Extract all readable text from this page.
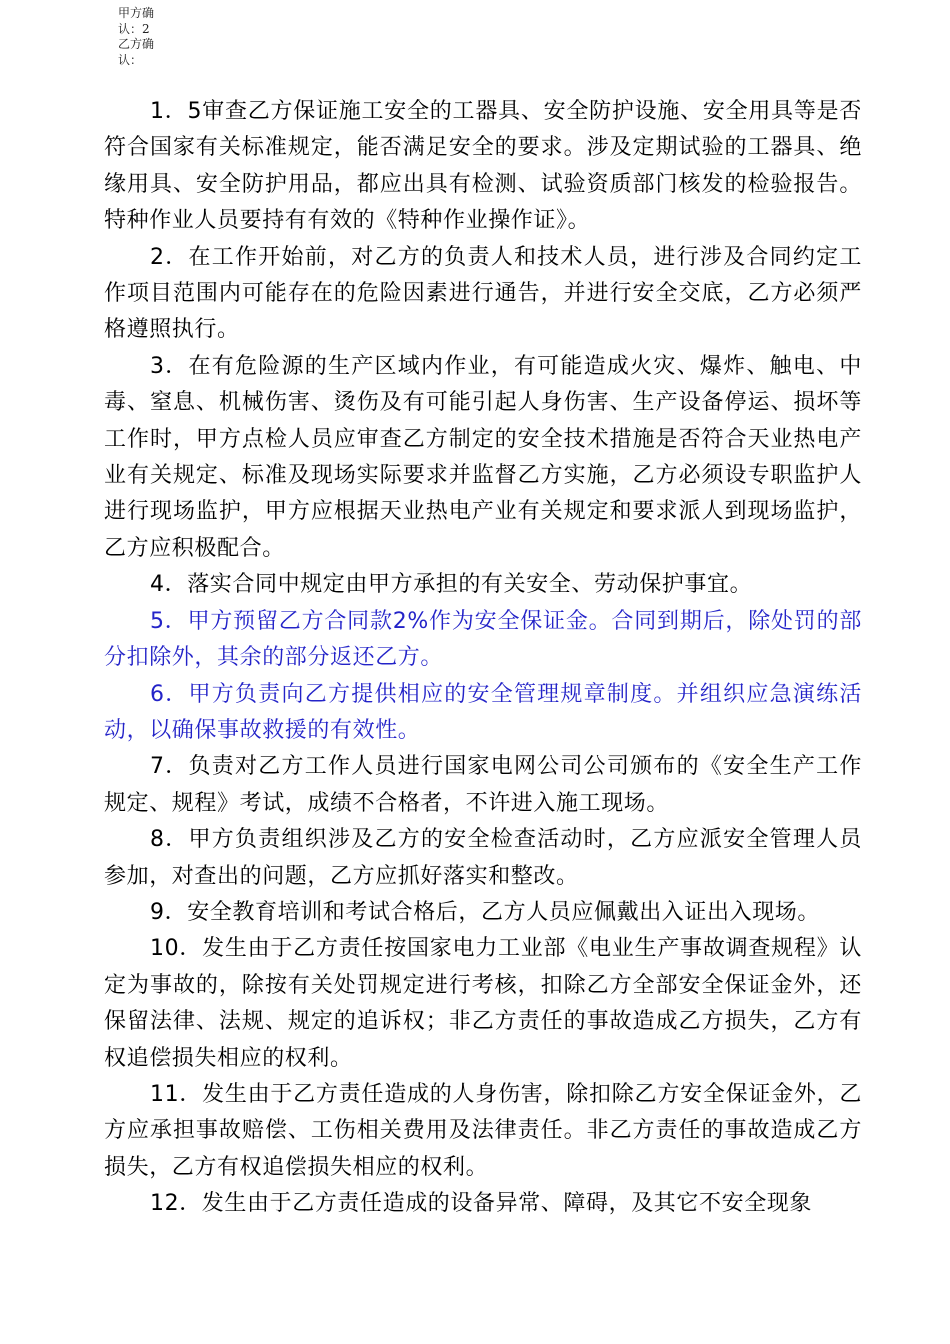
甲方确
认：2
乙方确
认：

1．5审查乙方保证施工安全的工器具、安全防护设施、安全用具等是否符合国家有关标准规定，能否满足安全的要求。涉及定期试验的工器具、绝缘用具、安全防护用品，都应出具有检测、试验资质部门核发的检验报告。特种作业人员要持有有效的《特种作业操作证》。

2．在工作开始前，对乙方的负责人和技术人员，进行涉及合同约定工作项目范围内可能存在的危险因素进行通告，并进行安全交底，乙方必须严格遵照执行。

3．在有危险源的生产区域内作业，有可能造成火灾、爆炸、触电、中毒、窒息、机械伤害、烫伤及有可能引起人身伤害、生产设备停运、损坏等工作时，甲方点检人员应审查乙方制定的安全技术措施是否符合天业热电产业有关规定、标准及现场实际要求并监督乙方实施，乙方必须设专职监护人进行现场监护，甲方应根据天业热电产业有关规定和要求派人到现场监护，乙方应积极配合。

4．落实合同中规定由甲方承担的有关安全、劳动保护事宜。

5．甲方预留乙方合同款2%作为安全保证金。合同到期后，除处罚的部分扣除外，其余的部分返还乙方。

6．甲方负责向乙方提供相应的安全管理规章制度。并组织应急演练活动，以确保事故救援的有效性。

7．负责对乙方工作人员进行国家电网公司公司颁布的《安全生产工作规定、规程》考试，成绩不合格者，不许进入施工现场。

8．甲方负责组织涉及乙方的安全检查活动时，乙方应派安全管理人员参加，对查出的问题，乙方应抓好落实和整改。

9．安全教育培训和考试合格后，乙方人员应佩戴出入证出入现场。

10．发生由于乙方责任按国家电力工业部《电业生产事故调查规程》认定为事故的，除按有关处罚规定进行考核，扣除乙方全部安全保证金外，还保留法律、法规、规定的追诉权；非乙方责任的事故造成乙方损失，乙方有权追偿损失相应的权利。

11．发生由于乙方责任造成的人身伤害，除扣除乙方安全保证金外，乙方应承担事故赔偿、工伤相关费用及法律责任。非乙方责任的事故造成乙方损失，乙方有权追偿损失相应的权利。

12．发生由于乙方责任造成的设备异常、障碍，及其它不安全现象
